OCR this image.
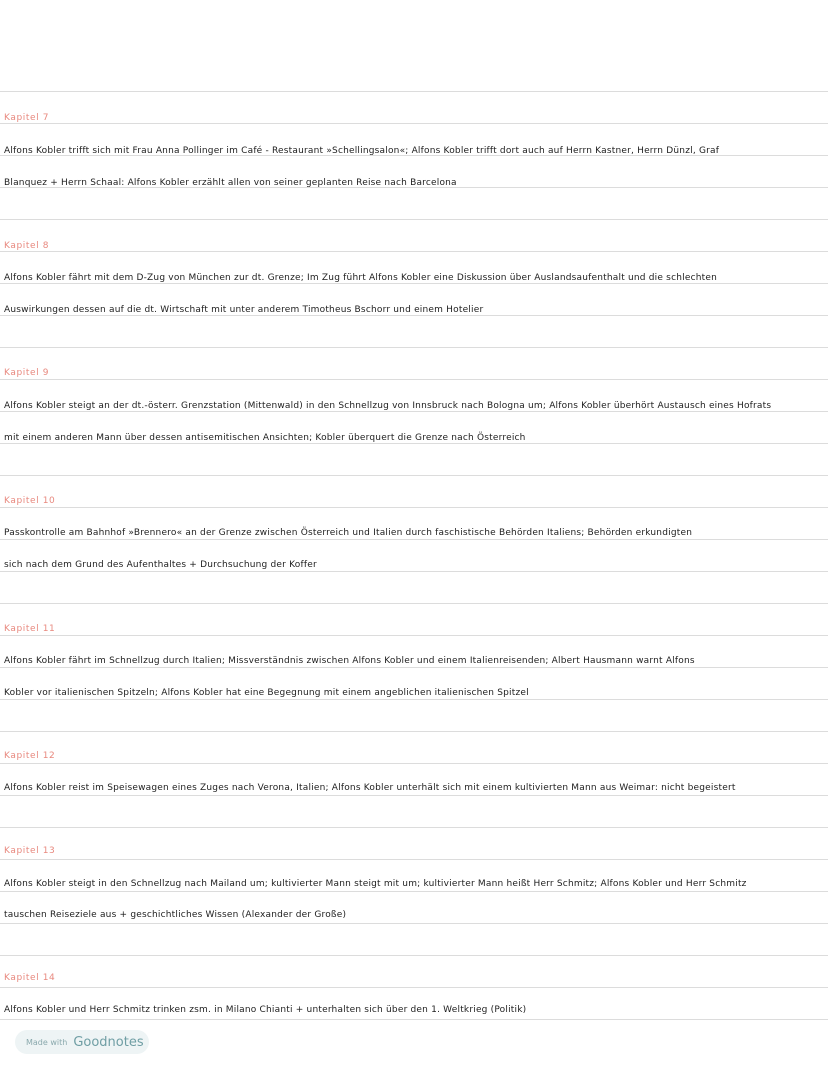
Kapitel 7
Alfons Kobler trifft sich mit Frau Anna Pollinger im Café - Restaurant »Schellingsalon«; Alfons Kobler trifft dort auch auf Herrn Kastner, Herrn Dünzl, Graf
Blanquez + Herrn Schaal: Alfons Kobler erzählt allen von seiner geplanten Reise nach Barcelona
Kapitel 8
Alfons Kobler fährt mit dem D-Zug von München zur dt. Grenze; Im Zug führt Alfons Kobler eine Diskussion über Auslandsaufenthalt und die schlechten
Auswirkungen dessen auf die dt. Wirtschaft mit unter anderem Timotheus Bschorr und einem Hotelier
Kapitel 9
Alfons Kobler steigt an der dt.-österr. Grenzstation (Mittenwald) in den Schnellzug von Innsbruck nach Bologna um; Alfons Kobler überhört Austausch eines Hofrats
mit einem anderen Mann über dessen antisemitischen Ansichten; Kobler überquert die Grenze nach Österreich
Kapitel 10
Passkontrolle am Bahnhof »Brennero« an der Grenze zwischen Österreich und Italien durch faschistische Behörden Italiens; Behörden erkundigten
sich nach dem Grund des Aufenthaltes + Durchsuchung der Koffer
Kapitel 11
Alfons Kobler fährt im Schnellzug durch Italien; Missverständnis zwischen Alfons Kobler und einem Italienreisenden; Albert Hausmann warnt Alfons
Kobler vor italienischen Spitzeln; Alfons Kobler hat eine Begegnung mit einem angeblichen italienischen Spitzel
Kapitel 12
Alfons Kobler reist im Speisewagen eines Zuges nach Verona, Italien; Alfons Kobler unterhält sich mit einem kultivierten Mann aus Weimar: nicht begeistert
Kapitel 13
Alfons Kobler steigt in den Schnellzug nach Mailand um; kultivierter Mann steigt mit um; kultivierter Mann heißt Herr Schmitz; Alfons Kobler und Herr Schmitz
tauschen Reiseziele aus + geschichtliches Wissen (Alexander der Große)
Kapitel 14
Alfons Kobler und Herr Schmitz trinken zsm. in Milano Chianti + unterhalten sich über den 1. Weltkrieg (Politik)
Made with Goodnotes
